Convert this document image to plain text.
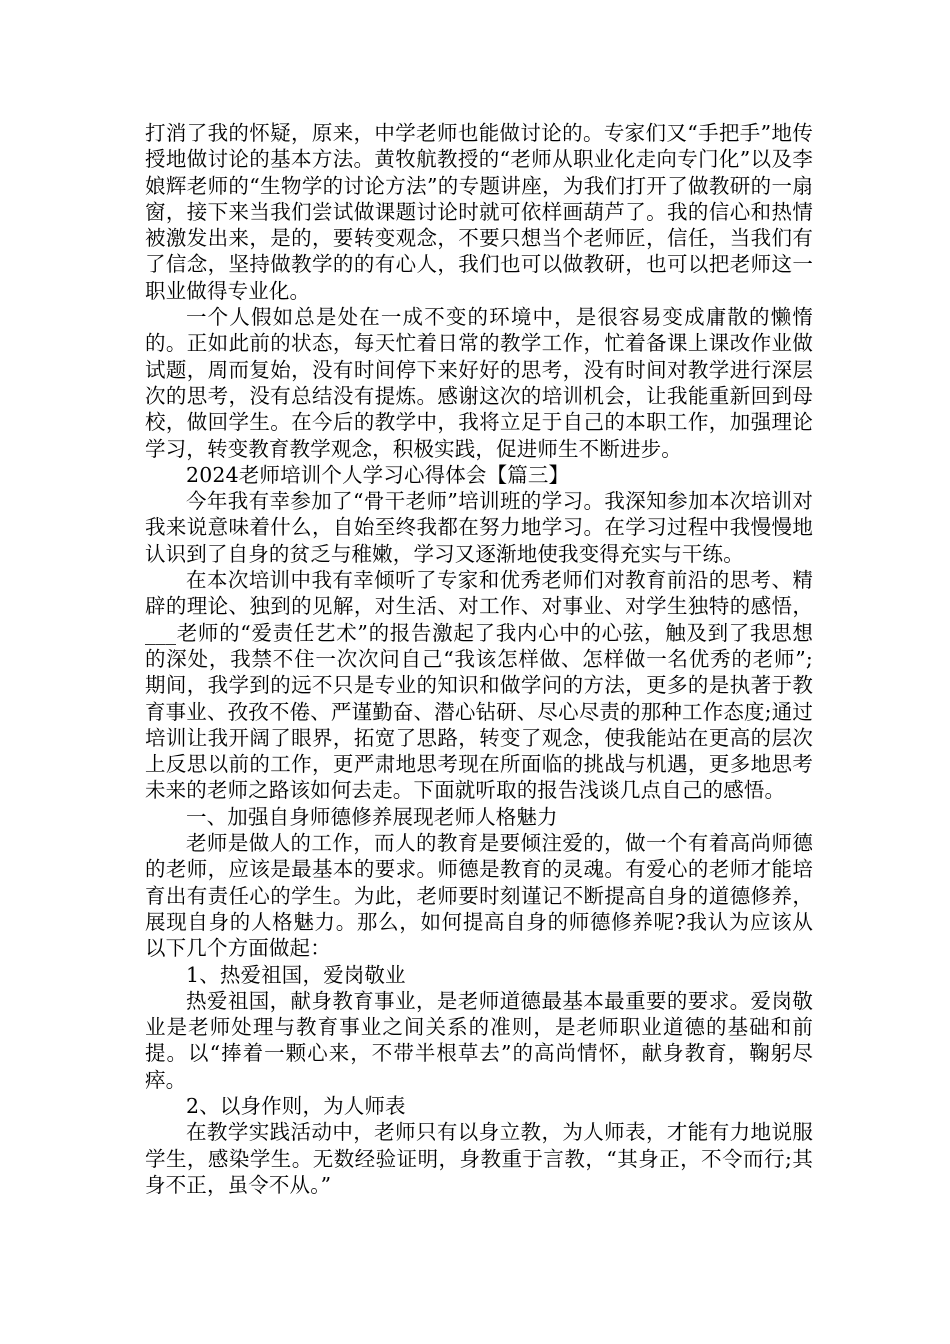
打消了我的怀疑，原来，中学老师也能做讨论的。专家们又“手把手”地传授地做讨论的基本方法。黄牧航教授的“老师从职业化走向专门化”以及李娘辉老师的“生物学的讨论方法”的专题讲座，为我们打开了做教研的一扇窗，接下来当我们尝试做课题讨论时就可依样画葫芦了。我的信心和热情被激发出来，是的，要转变观念，不要只想当个老师匠，信任，当我们有了信念，坚持做教学的的有心人，我们也可以做教研，也可以把老师这一职业做得专业化。

一个人假如总是处在一成不变的环境中，是很容易变成庸散的懒惰的。正如此前的状态，每天忙着日常的教学工作，忙着备课上课改作业做试题，周而复始，没有时间停下来好好的思考，没有时间对教学进行深层次的思考，没有总结没有提炼。感谢这次的培训机会，让我能重新回到母校，做回学生。在今后的教学中，我将立足于自己的本职工作，加强理论学习，转变教育教学观念，积极实践，促进师生不断进步。

2024老师培训个人学习心得体会【篇三】

今年我有幸参加了“骨干老师”培训班的学习。我深知参加本次培训对我来说意味着什么，自始至终我都在努力地学习。在学习过程中我慢慢地认识到了自身的贫乏与稚嫩，学习又逐渐地使我变得充实与干练。

在本次培训中我有幸倾听了专家和优秀老师们对教育前沿的思考、精辟的理论、独到的见解，对生活、对工作、对事业、对学生独特的感悟，___老师的“爱责任艺术”的报告激起了我内心中的心弦，触及到了我思想的深处，我禁不住一次次问自己“我该怎样做、怎样做一名优秀的老师”;期间，我学到的远不只是专业的知识和做学问的方法，更多的是执著于教育事业、孜孜不倦、严谨勤奋、潜心钻研、尽心尽责的那种工作态度;通过培训让我开阔了眼界，拓宽了思路，转变了观念，使我能站在更高的层次上反思以前的工作，更严肃地思考现在所面临的挑战与机遇，更多地思考未来的老师之路该如何去走。下面就听取的报告浅谈几点自己的感悟。

一、加强自身师德修养展现老师人格魅力

老师是做人的工作，而人的教育是要倾注爱的，做一个有着高尚师德的老师，应该是最基本的要求。师德是教育的灵魂。有爱心的老师才能培育出有责任心的学生。为此，老师要时刻谨记不断提高自身的道德修养，展现自身的人格魅力。那么，如何提高自身的师德修养呢?我认为应该从以下几个方面做起：

1、热爱祖国，爱岗敬业

热爱祖国，献身教育事业，是老师道德最基本最重要的要求。爱岗敬业是老师处理与教育事业之间关系的准则，是老师职业道德的基础和前提。以“捧着一颗心来，不带半根草去”的高尚情怀，献身教育，鞠躬尽瘁。

2、以身作则，为人师表

在教学实践活动中，老师只有以身立教，为人师表，才能有力地说服学生，感染学生。无数经验证明，身教重于言教，“其身正，不令而行;其身不正，虽令不从。”
